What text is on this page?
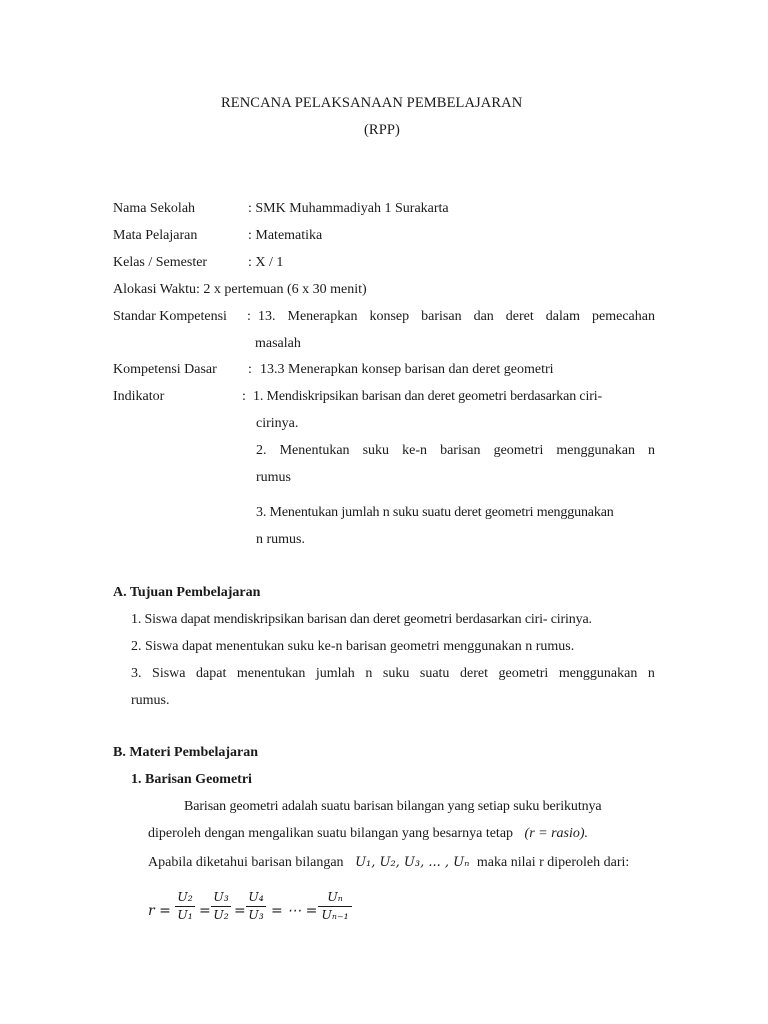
RENCANA PELAKSANAAN PEMBELAJARAN
(RPP)
Nama Sekolah	: SMK Muhammadiyah 1 Surakarta
Mata Pelajaran	: Matematika
Kelas / Semester	: X / 1
Alokasi Waktu: 2 x pertemuan (6 x 30 menit)
Standar Kompetensi : 13. Menerapkan konsep barisan dan deret dalam pemecahan
masalah
Kompetensi Dasar : 13.3 Menerapkan konsep barisan dan deret geometri
Indikator	: 1. Mendiskripsikan barisan dan deret geometri berdasarkan ciri-
cirinya.
2. Menentukan suku ke-n barisan geometri menggunakan n
rumus
3. Menentukan jumlah n suku suatu deret geometri menggunakan
n rumus.
A. Tujuan Pembelajaran
1. Siswa dapat mendiskripsikan barisan dan deret geometri berdasarkan ciri- cirinya.
2. Siswa dapat menentukan suku ke-n barisan geometri menggunakan n rumus.
3. Siswa dapat menentukan jumlah n suku suatu deret geometri menggunakan n
rumus.
B. Materi Pembelajaran
1. Barisan Geometri
Barisan geometri adalah suatu barisan bilangan yang setiap suku berikutnya
diperoleh dengan mengalikan suatu bilangan yang besarnya tetap (r = rasio).
Apabila diketahui barisan bilangan U₁, U₂, U₃, ... , Uₙ maka nilai r diperoleh dari:
r =
U₂
U₁ =
U₃
U₂ =
U₄
U₃ = ⋯ =
Uₙ
Uₙ₋₁
